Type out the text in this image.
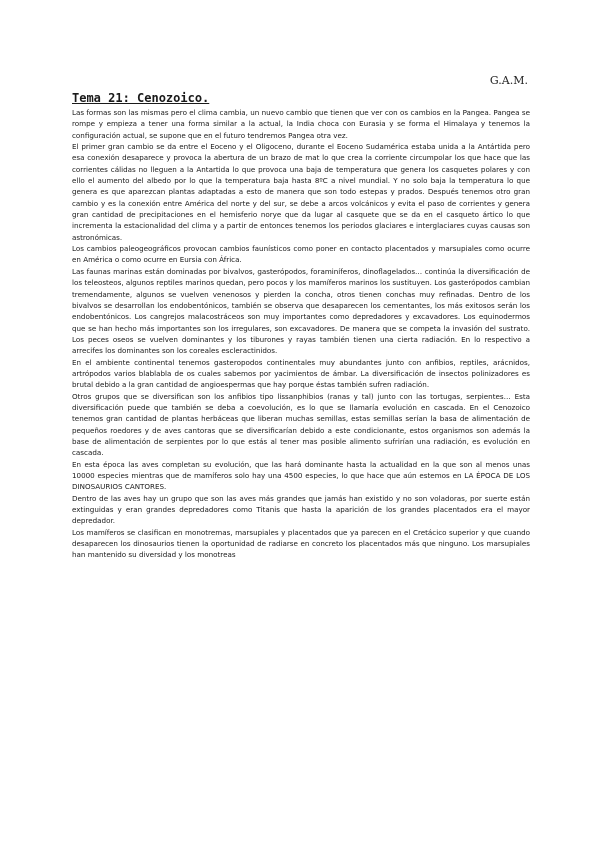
G.A.M.
Tema 21: Cenozoico.

Las formas son las mismas pero el clima cambia, un nuevo cambio que tienen que ver con os cambios en la Pangea. Pangea se rompe y empieza a tener una forma similar a la actual, la India choca con Eurasia y se forma el Himalaya y tenemos la configuración actual, se supone que en el futuro tendremos Pangea otra vez.

El primer gran cambio se da entre el Eoceno y el Oligoceno, durante el Eoceno Sudamérica estaba unida a la Antártida pero esa conexión desaparece y provoca la abertura de un brazo de mat lo que crea la corriente circumpolar los que hace que las corrientes cálidas no lleguen a la Antartida lo que provoca una baja de temperatura que genera los casquetes polares y con ello el aumento del albedo por lo que la temperatura baja hasta 8ºC a nivel mundial. Y no solo baja la temperatura lo que genera es que aparezcan plantas adaptadas a esto de manera que son todo estepas y prados. Después tenemos otro gran cambio y es la conexión entre América del norte y del sur, se debe a arcos volcánicos y evita el paso de corrientes y genera gran cantidad de precipitaciones en el hemisferio norye que da lugar al casquete que se da en el casqueto ártico lo que incrementa la estacionalidad del clima y a partir de entonces tenemos los periodos glaciares e interglaciares cuyas causas son astronómicas.

Los cambios paleogeográficos provocan cambios faunísticos como poner en contacto placentados y marsupiales como ocurre en América o como ocurre en Eursia con África.

Las faunas marinas están dominadas por bivalvos, gasterópodos, foraminíferos, dinoflagelados… continúa la diversificación de los teleosteos, algunos reptiles marinos quedan, pero pocos y los mamíferos marinos los sustituyen. Los gasterópodos cambian tremendamente, algunos se vuelven venenosos y pierden la concha, otros tienen conchas muy refinadas. Dentro de los bivalvos se desarrollan los endobentónicos, también se observa que desaparecen los cementantes, los más exitosos serán los endobentónicos. Los cangrejos malacostráceos son muy importantes como depredadores y excavadores. Los equinodermos que se han hecho más importantes son los irregulares, son excavadores. De manera que se competa la invasión del sustrato. Los peces oseos se vuelven dominantes y los tiburones y rayas también tienen una cierta radiación. En lo respectivo a arrecifes los dominantes son los coreales escleractinidos.

En el ambiente continental tenemos gasteropodos continentales muy abundantes junto con anfibios, reptiles, arácnidos, artrópodos varios blablabla de os cuales sabemos por yacimientos de ámbar. La diversificación de insectos polinizadores es brutal debido a la gran cantidad de angioespermas que hay porque éstas también sufren radiación.

Otros grupos que se diversifican son los anfibios tipo lissanphibios (ranas y tal) junto con las tortugas, serpientes… Esta diversificación puede que también se deba a coevolución, es lo que se llamaría evolución en cascada. En el Cenozoico tenemos gran cantidad de plantas herbáceas que liberan muchas semillas, estas semillas serían la basa de alimentación de pequeños roedores y de aves cantoras que se diversificarían debido a este condicionante, estos organismos son además la base de alimentación de serpientes por lo que estás al tener mas posible alimento sufrirían una radiación, es evolución en cascada.

En esta época las aves completan su evolución, que las hará dominante hasta la actualidad en la que son al menos unas 10000 especies mientras que de mamíferos solo hay una 4500 especies, lo que hace que aún estemos en LA ÉPOCA DE LOS DINOSAURIOS CANTORES.

Dentro de las aves hay un grupo que son las aves más grandes que jamás han existido y no son voladoras, por suerte están extinguidas y eran grandes depredadores como Titanis que hasta la aparición de los grandes placentados era el mayor depredador.

Los mamíferos se clasifican en monotremas, marsupiales y placentados que ya parecen en el Cretácico superior y que cuando desaparecen los dinosaurios tienen la oportunidad de radiarse en concreto los placentados más que ninguno. Los marsupiales han mantenido su diversidad y los monotreas
